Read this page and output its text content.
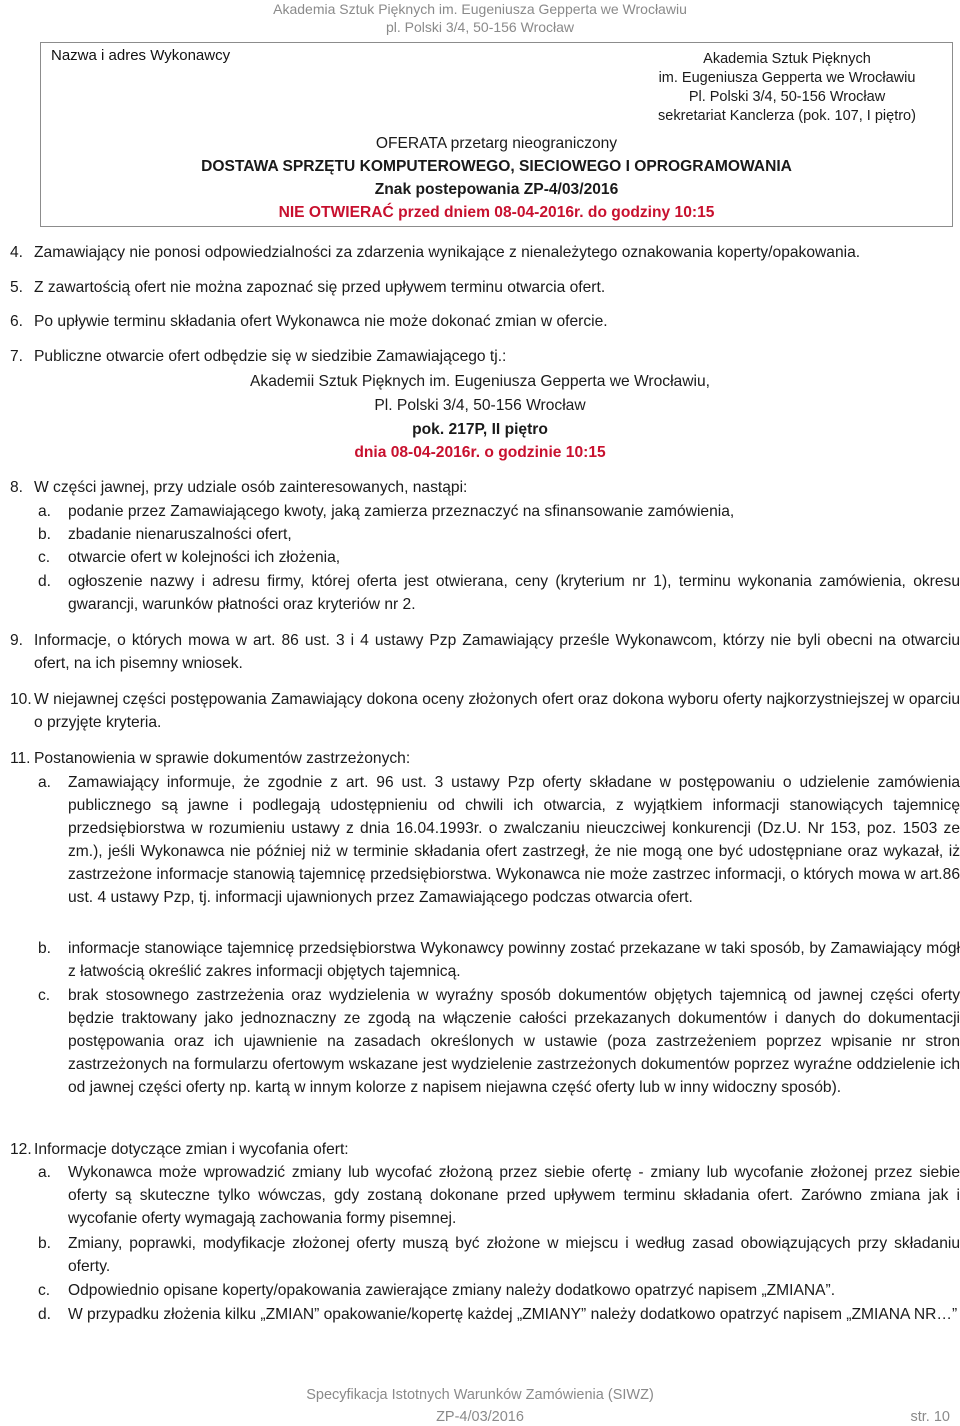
Akademia Sztuk Pięknych im. Eugeniusza Gepperta we Wrocławiu
pl. Polski 3/4, 50-156 Wrocław
Nazwa i adres Wykonawcy	Akademia Sztuk Pięknych
im. Eugeniusza Gepperta we Wrocławiu
Pl. Polski 3/4, 50-156 Wrocław
sekretariat Kanclerza (pok. 107, I piętro)
OFERATA przetarg nieograniczony
DOSTAWA SPRZĘTU KOMPUTEROWEGO, SIECIOWEGO I OPROGRAMOWANIA
Znak postepowania ZP-4/03/2016
NIE OTWIERAĆ przed dniem 08-04-2016r. do godziny 10:15
4. Zamawiający nie ponosi odpowiedzialności za zdarzenia wynikające z nienależytego oznakowania koperty/opakowania.
5. Z zawartością ofert nie można zapoznać się przed upływem terminu otwarcia ofert.
6. Po upływie terminu składania ofert Wykonawca nie może dokonać zmian w ofercie.
7. Publiczne otwarcie ofert odbędzie się w siedzibie Zamawiającego tj.:
Akademii Sztuk Pięknych im. Eugeniusza Gepperta we Wrocławiu,
Pl. Polski 3/4, 50-156 Wrocław
pok. 217P, II piętro
dnia 08-04-2016r. o godzinie 10:15
8. W części jawnej, przy udziale osób zainteresowanych, nastąpi:
a. podanie przez Zamawiającego kwoty, jaką zamierza przeznaczyć na sfinansowanie zamówienia,
b. zbadanie nienaruszalności ofert,
c. otwarcie ofert w kolejności ich złożenia,
d. ogłoszenie nazwy i adresu firmy, której oferta jest otwierana, ceny (kryterium nr 1), terminu wykonania zamówienia, okresu gwarancji, warunków płatności oraz kryteriów nr 2.
9. Informacje, o których mowa w art. 86 ust. 3 i 4 ustawy Pzp Zamawiający prześle Wykonawcom, którzy nie byli obecni na otwarciu ofert, na ich pisemny wniosek.
10. W niejawnej części postępowania Zamawiający dokona oceny złożonych ofert oraz dokona wyboru oferty najkorzystniejszej w oparciu o przyjęte kryteria.
11. Postanowienia w sprawie dokumentów zastrzeżonych:
a. Zamawiający informuje, że zgodnie z art. 96 ust. 3 ustawy Pzp oferty składane w postępowaniu o udzielenie zamówienia publicznego są jawne i podlegają udostępnieniu od chwili ich otwarcia, z wyjątkiem informacji stanowiących tajemnicę przedsiębiorstwa w rozumieniu ustawy z dnia 16.04.1993r. o zwalczaniu nieuczciwej konkurencji (Dz.U. Nr 153, poz. 1503 ze zm.), jeśli Wykonawca nie później niż w terminie składania ofert zastrzegł, że nie mogą one być udostępniane oraz wykazał, iż zastrzeżone informacje stanowią tajemnicę przedsiębiorstwa. Wykonawca nie może zastrzec informacji, o których mowa w art.86 ust. 4 ustawy Pzp, tj. informacji ujawnionych przez Zamawiającego podczas otwarcia ofert.
b. informacje stanowiące tajemnicę przedsiębiorstwa Wykonawcy powinny zostać przekazane w taki sposób, by Zamawiający mógł z łatwością określić zakres informacji objętych tajemnicą.
c. brak stosownego zastrzeżenia oraz wydzielenia w wyraźny sposób dokumentów objętych tajemnicą od jawnej części oferty będzie traktowany jako jednoznaczny ze zgodą na włączenie całości przekazanych dokumentów i danych do dokumentacji postępowania oraz ich ujawnienie na zasadach określonych w ustawie (poza zastrzeżeniem poprzez wpisanie nr stron zastrzeżonych na formularzu ofertowym wskazane jest wydzielenie zastrzeżonych dokumentów poprzez wyraźne oddzielenie ich od jawnej części oferty np. kartą w innym kolorze z napisem niejawna część oferty lub w inny widoczny sposób).
12. Informacje dotyczące zmian i wycofania ofert:
a. Wykonawca może wprowadzić zmiany lub wycofać złożoną przez siebie ofertę - zmiany lub wycofanie złożonej przez siebie oferty są skuteczne tylko wówczas, gdy zostaną dokonane przed upływem terminu składania ofert. Zarówno zmiana jak i wycofanie oferty wymagają zachowania formy pisemnej.
b. Zmiany, poprawki, modyfikacje złożonej oferty muszą być złożone w miejscu i według zasad obowiązujących przy składaniu oferty.
c. Odpowiednio opisane koperty/opakowania zawierające zmiany należy dodatkowo opatrzyć napisem „ZMIANA”.
d. W przypadku złożenia kilku „ZMIAN” opakowanie/kopertę każdej „ZMIANY” należy dodatkowo opatrzyć napisem „ZMIANA NR…”
Specyfikacja Istotnych Warunków Zamówienia (SIWZ)
ZP-4/03/2016	str. 10
